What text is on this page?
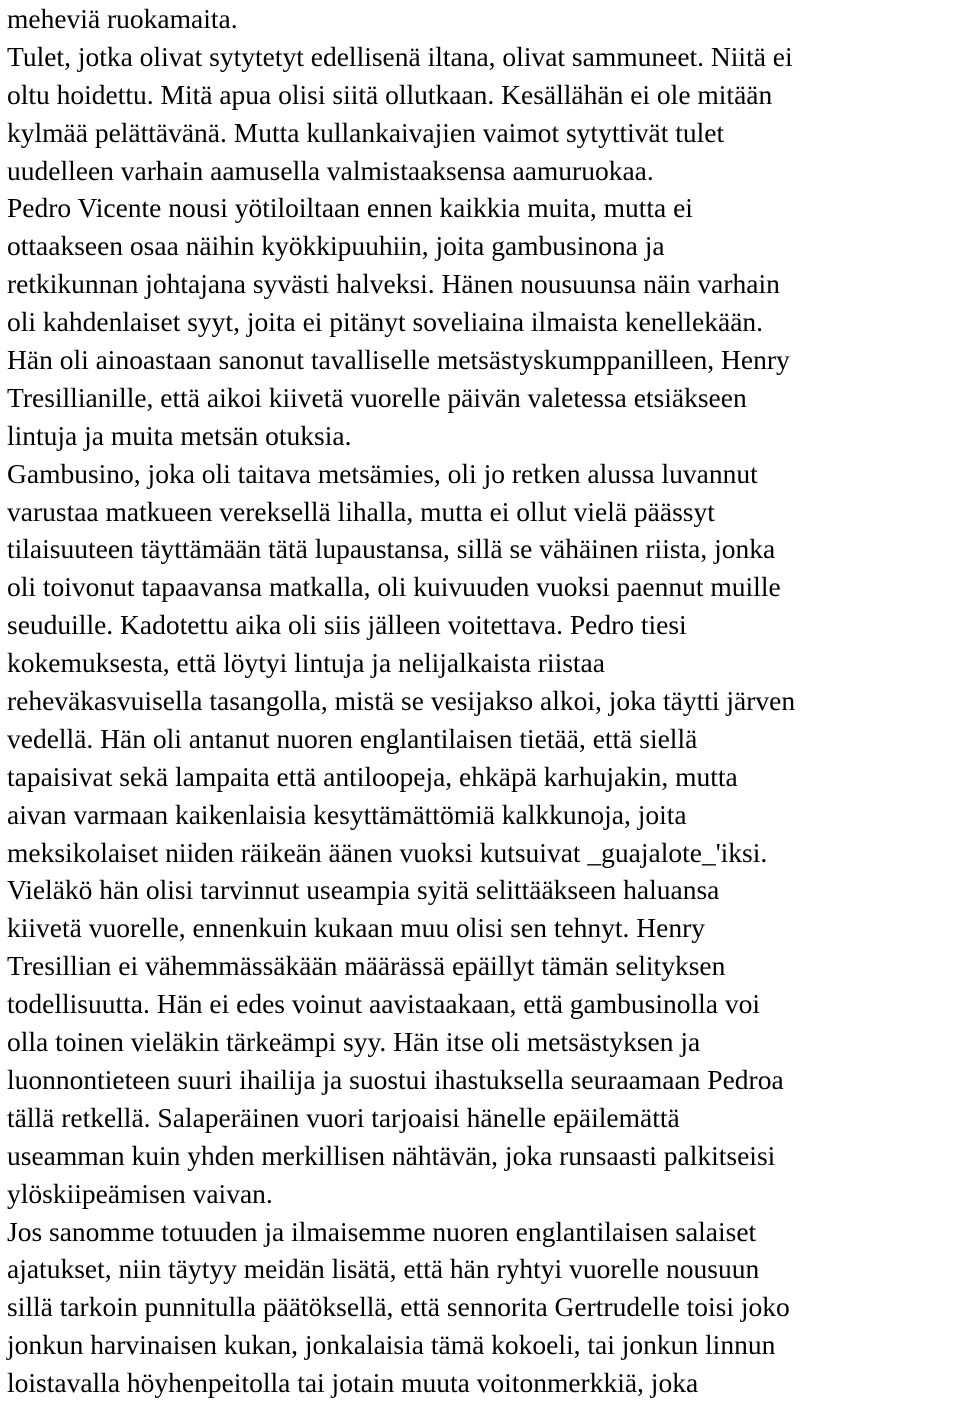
meheviä ruokamaita.
Tulet, jotka olivat sytytetyt edellisenä iltana, olivat sammuneet. Niitä ei
oltu hoidettu. Mitä apua olisi siitä ollutkaan. Kesällähän ei ole mitään
kylmää pelättävänä. Mutta kullankaivajien vaimot sytyttivät tulet
uudelleen varhain aamusella valmistaaksensa aamuruokaa.
Pedro Vicente nousi yötiloiltaan ennen kaikkia muita, mutta ei
ottaakseen osaa näihin kyökkipuuhiin, joita gambusinona ja
retkikunnan johtajana syvästi halveksi. Hänen nousuunsa näin varhain
oli kahdenlaiset syyt, joita ei pitänyt soveliaina ilmaista kenellekään.
Hän oli ainoastaan sanonut tavalliselle metsästyskumppanilleen, Henry
Tresillianille, että aikoi kiivetä vuorelle päivän valetessa etsiäkseen
lintuja ja muita metsän otuksia.
Gambusino, joka oli taitava metsämies, oli jo retken alussa luvannut
varustaa matkueen vereksellä lihalla, mutta ei ollut vielä päässyt
tilaisuuteen täyttämään tätä lupaustansa, sillä se vähäinen riista, jonka
oli toivonut tapaavansa matkalla, oli kuivuuden vuoksi paennut muille
seuduille. Kadotettu aika oli siis jälleen voitettava. Pedro tiesi
kokemuksesta, että löytyi lintuja ja nelijalkaista riistaa
reheväkasvuisella tasangolla, mistä se vesijakso alkoi, joka täytti järven
vedellä. Hän oli antanut nuoren englantilaisen tietää, että siellä
tapaisivat sekä lampaita että antiloopeja, ehkäpä karhujakin, mutta
aivan varmaan kaikenlaisia kesyttämättömiä kalkkunoja, joita
meksikolaiset niiden räikeän äänen vuoksi kutsuivat _guajalote_'iksi.
Vieläkö hän olisi tarvinnut useampia syitä selittääkseen haluansa
kiivetä vuorelle, ennenkuin kukaan muu olisi sen tehnyt. Henry
Tresillian ei vähemmässäkään määrässä epäillyt tämän selityksen
todellisuutta. Hän ei edes voinut aavistaakaan, että gambusinolla voi
olla toinen vieläkin tärkeämpi syy. Hän itse oli metsästyksen ja
luonnontieteen suuri ihailija ja suostui ihastuksella seuraamaan Pedroa
tällä retkellä. Salaperäinen vuori tarjoaisi hänelle epäilemättä
useamman kuin yhden merkillisen nähtävän, joka runsaasti palkitseisi
ylöskiipeämisen vaivan.
Jos sanomme totuuden ja ilmaisemme nuoren englantilaisen salaiset
ajatukset, niin täytyy meidän lisätä, että hän ryhtyi vuorelle nousuun
sillä tarkoin punnitulla päätöksellä, että sennorita Gertrudelle toisi joko
jonkun harvinaisen kukan, jonkalaisia tämä kokoeli, tai jonkun linnun
loistavalla höyhenpeitolla tai jotain muuta voitonmerkkiä, joka
